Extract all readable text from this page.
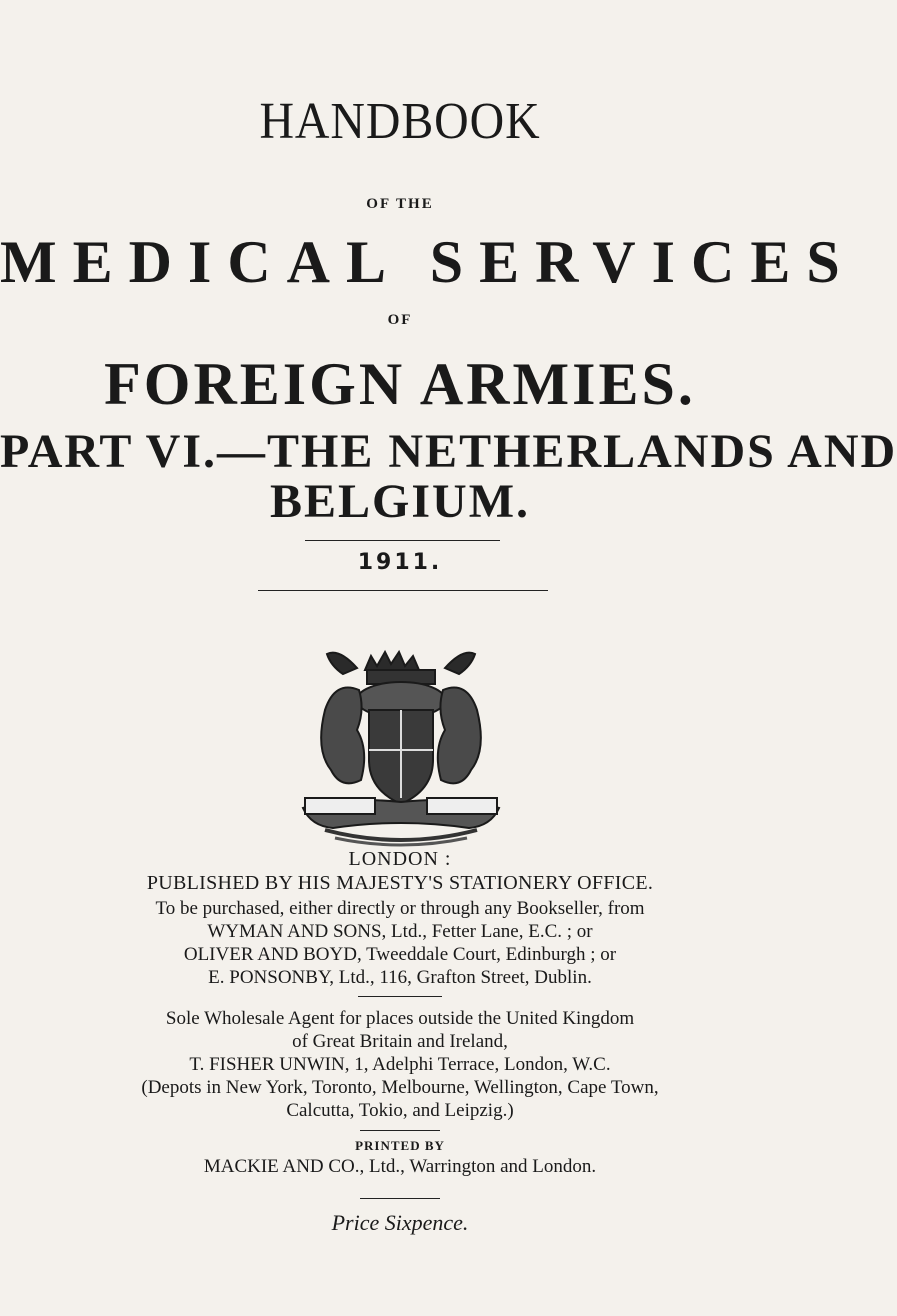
HANDBOOK
OF THE
MEDICAL SERVICES
OF
FOREIGN ARMIES.
PART VI.—THE NETHERLANDS AND
BELGIUM.
1911.
LONDON :
PUBLISHED BY HIS MAJESTY'S STATIONERY OFFICE.
To be purchased, either directly or through any Bookseller, from
WYMAN AND SONS, Ltd., Fetter Lane, E.C. ; or
OLIVER AND BOYD, Tweeddale Court, Edinburgh ; or
E. PONSONBY, Ltd., 116, Grafton Street, Dublin.
Sole Wholesale Agent for places outside the United Kingdom
of Great Britain and Ireland,
T. FISHER UNWIN, 1, Adelphi Terrace, London, W.C.
(Depots in New York, Toronto, Melbourne, Wellington, Cape Town,
Calcutta, Tokio, and Leipzig.)
PRINTED BY
MACKIE AND CO., Ltd., Warrington and London.
Price Sixpence.
